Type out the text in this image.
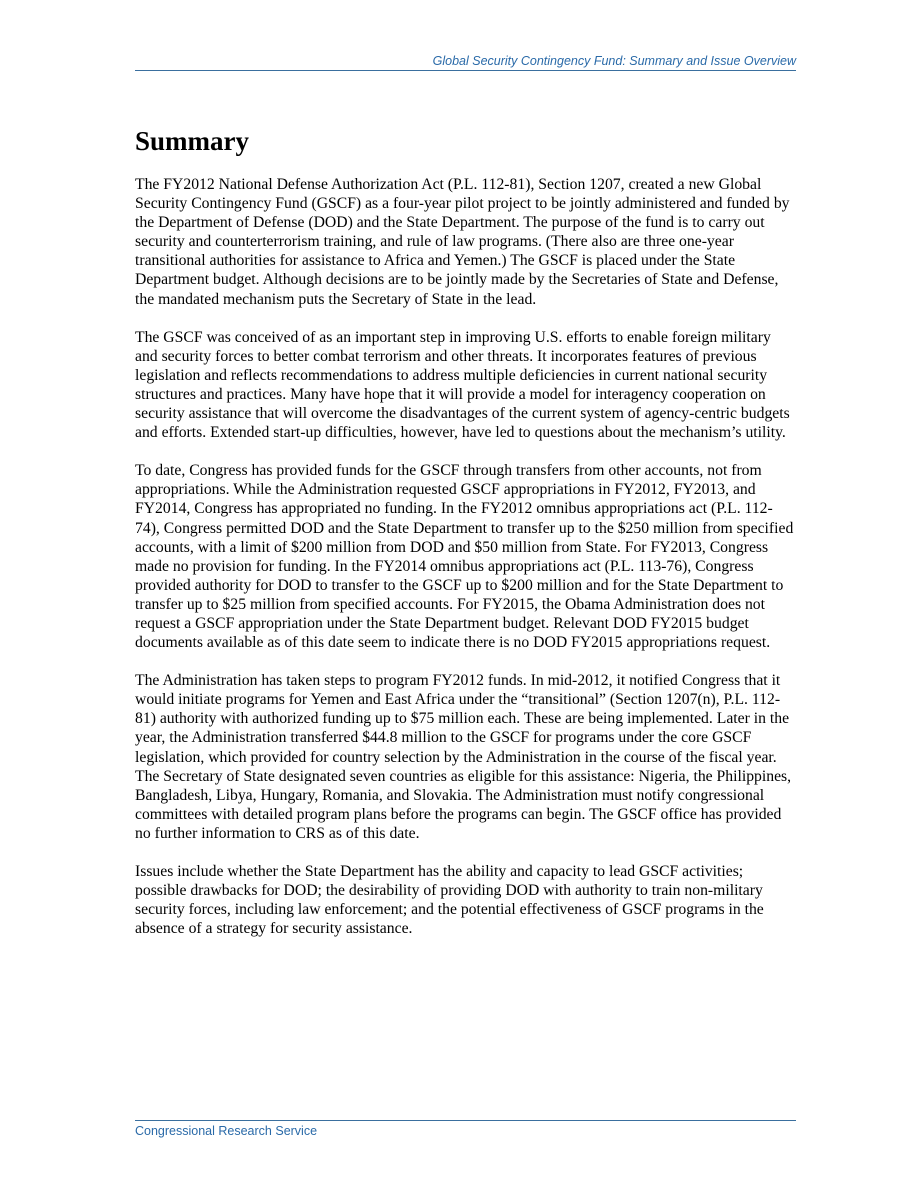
Global Security Contingency Fund: Summary and Issue Overview
Summary

The FY2012 National Defense Authorization Act (P.L. 112-81), Section 1207, created a new Global Security Contingency Fund (GSCF) as a four-year pilot project to be jointly administered and funded by the Department of Defense (DOD) and the State Department. The purpose of the fund is to carry out security and counterterrorism training, and rule of law programs. (There also are three one-year transitional authorities for assistance to Africa and Yemen.) The GSCF is placed under the State Department budget. Although decisions are to be jointly made by the Secretaries of State and Defense, the mandated mechanism puts the Secretary of State in the lead.

The GSCF was conceived of as an important step in improving U.S. efforts to enable foreign military and security forces to better combat terrorism and other threats. It incorporates features of previous legislation and reflects recommendations to address multiple deficiencies in current national security structures and practices. Many have hope that it will provide a model for interagency cooperation on security assistance that will overcome the disadvantages of the current system of agency-centric budgets and efforts. Extended start-up difficulties, however, have led to questions about the mechanism’s utility.

To date, Congress has provided funds for the GSCF through transfers from other accounts, not from appropriations. While the Administration requested GSCF appropriations in FY2012, FY2013, and FY2014, Congress has appropriated no funding. In the FY2012 omnibus appropriations act (P.L. 112-74), Congress permitted DOD and the State Department to transfer up to the $250 million from specified accounts, with a limit of $200 million from DOD and $50 million from State. For FY2013, Congress made no provision for funding. In the FY2014 omnibus appropriations act (P.L. 113-76), Congress provided authority for DOD to transfer to the GSCF up to $200 million and for the State Department to transfer up to $25 million from specified accounts. For FY2015, the Obama Administration does not request a GSCF appropriation under the State Department budget. Relevant DOD FY2015 budget documents available as of this date seem to indicate there is no DOD FY2015 appropriations request.

The Administration has taken steps to program FY2012 funds. In mid-2012, it notified Congress that it would initiate programs for Yemen and East Africa under the “transitional” (Section 1207(n), P.L. 112-81) authority with authorized funding up to $75 million each. These are being implemented. Later in the year, the Administration transferred $44.8 million to the GSCF for programs under the core GSCF legislation, which provided for country selection by the Administration in the course of the fiscal year. The Secretary of State designated seven countries as eligible for this assistance: Nigeria, the Philippines, Bangladesh, Libya, Hungary, Romania, and Slovakia. The Administration must notify congressional committees with detailed program plans before the programs can begin. The GSCF office has provided no further information to CRS as of this date.

Issues include whether the State Department has the ability and capacity to lead GSCF activities; possible drawbacks for DOD; the desirability of providing DOD with authority to train non-military security forces, including law enforcement; and the potential effectiveness of GSCF programs in the absence of a strategy for security assistance.

Congressional Research Service
